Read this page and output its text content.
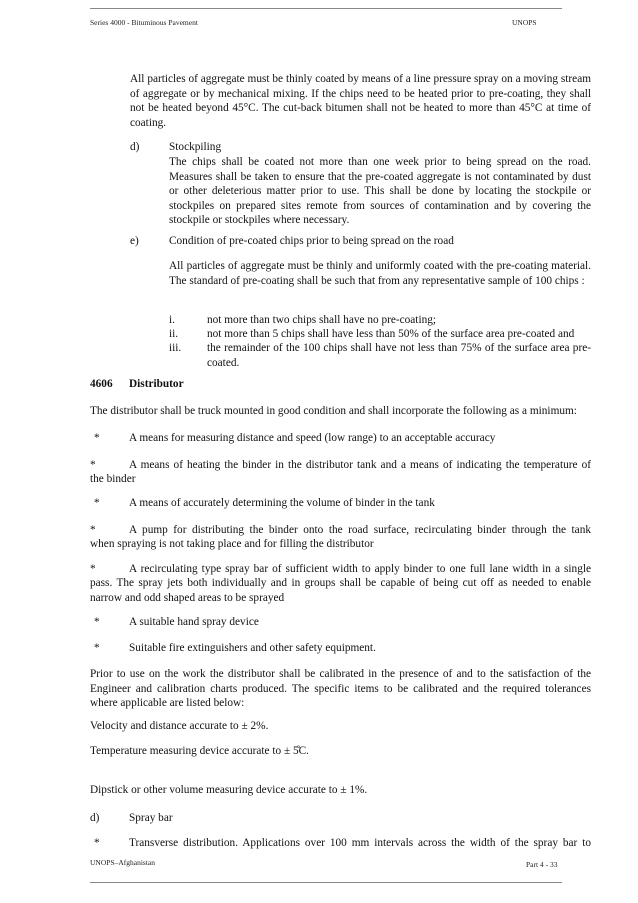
Series 4000 - Bituminous Pavement	UNOPS
All particles of aggregate must be thinly coated by means of a line pressure spray on a moving stream of aggregate or by mechanical mixing. If the chips need to be heated prior to pre-coating, they shall not be heated beyond 45°C. The cut-back bitumen shall not be heated to more than 45°C at time of coating.
d)	Stockpiling
The chips shall be coated not more than one week prior to being spread on the road. Measures shall be taken to ensure that the pre-coated aggregate is not contaminated by dust or other deleterious matter prior to use. This shall be done by locating the stockpile or stockpiles on prepared sites remote from sources of contamination and by covering the stockpile or stockpiles where necessary.
e)	Condition of pre-coated chips prior to being spread on the road
All particles of aggregate must be thinly and uniformly coated with the pre-coating material. The standard of pre-coating shall be such that from any representative sample of 100 chips :
i.	not more than two chips shall have no pre-coating;
ii.	not more than 5 chips shall have less than 50% of the surface area pre-coated and
iii. the remainder of the 100 chips shall have not less than 75% of the surface area pre-coated.
4606 Distributor
The distributor shall be truck mounted in good condition and shall incorporate the following as a minimum:
*	A means for measuring distance and speed (low range) to an acceptable accuracy
*	A means of heating the binder in the distributor tank and a means of indicating the temperature of
the binder
*	A means of accurately determining the volume of binder in the tank
*	A pump for distributing the binder onto the road surface, recirculating binder through the tank
when spraying is not taking place and for filling the distributor
*	A recirculating type spray bar of sufficient width to apply binder to one full lane width in a single
pass. The spray jets both individually and in groups shall be capable of being cut off as needed to enable narrow and odd shaped areas to be sprayed
*	A suitable hand spray device
*	Suitable fire extinguishers and other safety equipment.
Prior to use on the work the distributor shall be calibrated in the presence of and to the satisfaction of the Engineer and calibration charts produced. The specific items to be calibrated and the required tolerances where applicable are listed below:
Velocity and distance accurate to ± 2%.
Temperature measuring device accurate to ± 5̊C.
Dipstick or other volume measuring device accurate to ± 1%.
d)	Spray bar
*	Transverse distribution. Applications over 100 mm intervals across the width of the spray bar to
UNOPS–Afghanistan	Part 4 - 33
